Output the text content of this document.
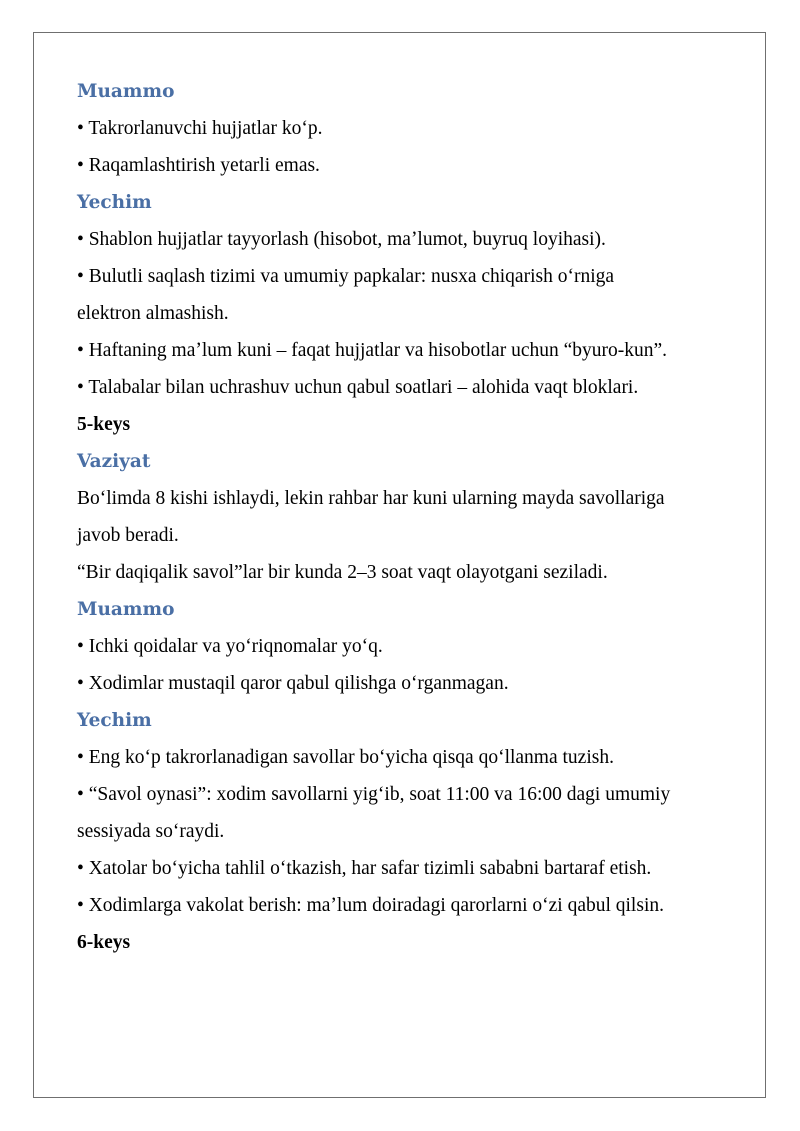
Muammo
• Takrorlanuvchi hujjatlar koʻp.
• Raqamlashtirish yetarli emas.
Yechim
• Shablon hujjatlar tayyorlash (hisobot, maʼlumot, buyruq loyihasi).
• Bulutli saqlash tizimi va umumiy papkalar: nusxa chiqarish oʻrniga
elektron almashish.
• Haftaning maʼlum kuni – faqat hujjatlar va hisobotlar uchun “byuro-kun”.
• Talabalar bilan uchrashuv uchun qabul soatlari – alohida vaqt bloklari.
5-keys
Vaziyat
Boʻlimda 8 kishi ishlaydi, lekin rahbar har kuni ularning mayda savollariga
javob beradi.
“Bir daqiqalik savol”lar bir kunda 2–3 soat vaqt olayotgani seziladi.
Muammo
• Ichki qoidalar va yoʻriqnomalar yoʻq.
• Xodimlar mustaqil qaror qabul qilishga oʻrganmagan.
Yechim
• Eng koʻp takrorlanadigan savollar boʻyicha qisqa qoʻllanma tuzish.
• “Savol oynasi”: xodim savollarni yigʻib, soat 11:00 va 16:00 dagi umumiy
sessiyada soʻraydi.
• Xatolar boʻyicha tahlil oʻtkazish, har safar tizimli sababni bartaraf etish.
• Xodimlarga vakolat berish: maʼlum doiradagi qarorlarni oʻzi qabul qilsin.
6-keys
